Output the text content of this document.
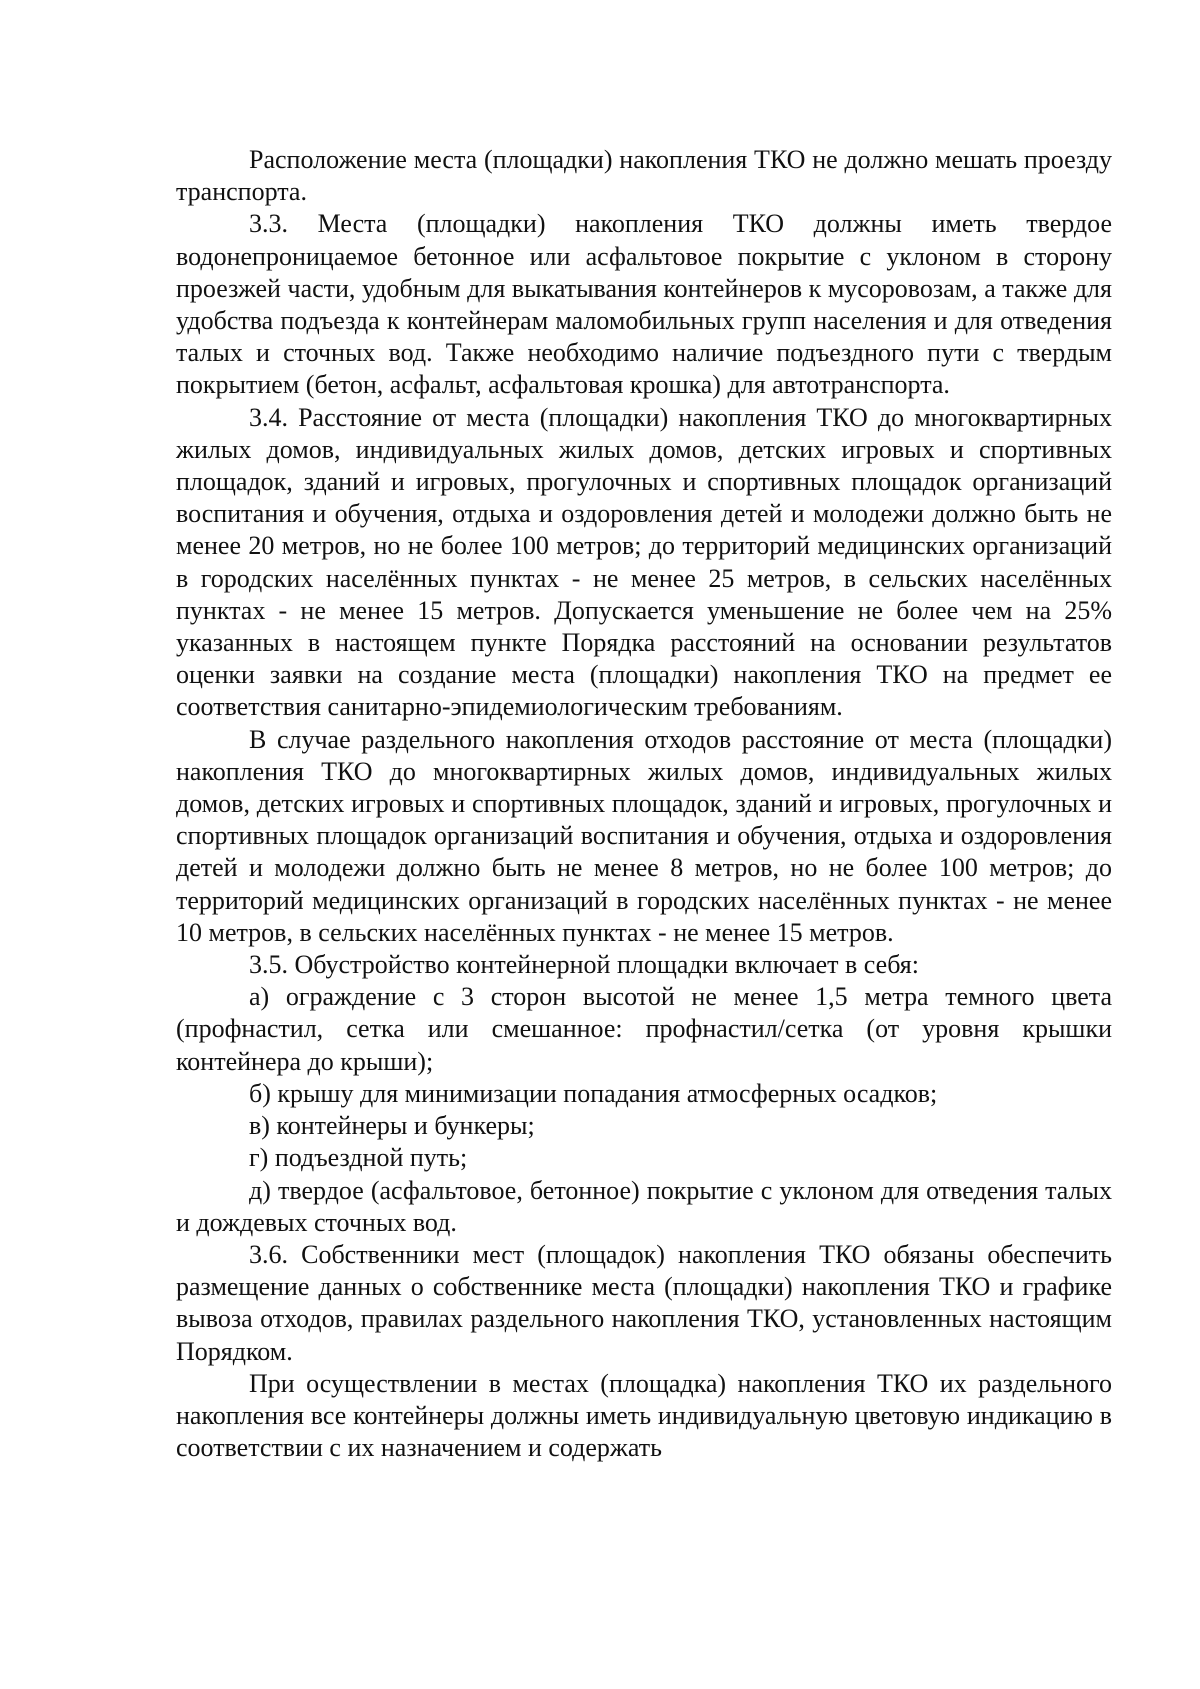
Расположение места (площадки) накопления ТКО не должно мешать проезду транспорта.

3.3. Места (площадки) накопления ТКО должны иметь твердое водонепроницаемое бетонное или асфальтовое покрытие с уклоном в сторону проезжей части, удобным для выкатывания контейнеров к мусоровозам, а также для удобства подъезда к контейнерам маломобильных групп населения и для отведения талых и сточных вод. Также необходимо наличие подъездного пути с твердым покрытием (бетон, асфальт, асфальтовая крошка) для автотранспорта.

3.4. Расстояние от места (площадки) накопления ТКО до многоквартирных жилых домов, индивидуальных жилых домов, детских игровых и спортивных площадок, зданий и игровых, прогулочных и спортивных площадок организаций воспитания и обучения, отдыха и оздоровления детей и молодежи должно быть не менее 20 метров, но не более 100 метров; до территорий медицинских организаций в городских населённых пунктах - не менее 25 метров, в сельских населённых пунктах - не менее 15 метров. Допускается уменьшение не более чем на 25% указанных в настоящем пункте Порядка расстояний на основании результатов оценки заявки на создание места (площадки) накопления ТКО на предмет ее соответствия санитарно-эпидемиологическим требованиям.

В случае раздельного накопления отходов расстояние от места (площадки) накопления ТКО до многоквартирных жилых домов, индивидуальных жилых домов, детских игровых и спортивных площадок, зданий и игровых, прогулочных и спортивных площадок организаций воспитания и обучения, отдыха и оздоровления детей и молодежи должно быть не менее 8 метров, но не более 100 метров; до территорий медицинских организаций в городских населённых пунктах - не менее 10 метров, в сельских населённых пунктах - не менее 15 метров.

3.5. Обустройство контейнерной площадки включает в себя:

а) ограждение с 3 сторон высотой не менее 1,5 метра темного цвета (профнастил, сетка или смешанное: профнастил/сетка (от уровня крышки контейнера до крыши);

б) крышу для минимизации попадания атмосферных осадков;

в) контейнеры и бункеры;

г) подъездной путь;

д) твердое (асфальтовое, бетонное) покрытие с уклоном для отведения талых и дождевых сточных вод.

3.6. Собственники мест (площадок) накопления ТКО обязаны обеспечить размещение данных о собственнике места (площадки) накопления ТКО и графике вывоза отходов, правилах раздельного накопления ТКО, установленных настоящим Порядком.

При осуществлении в местах (площадка) накопления ТКО их раздельного накопления все контейнеры должны иметь индивидуальную цветовую индикацию в соответствии с их назначением и содержать
